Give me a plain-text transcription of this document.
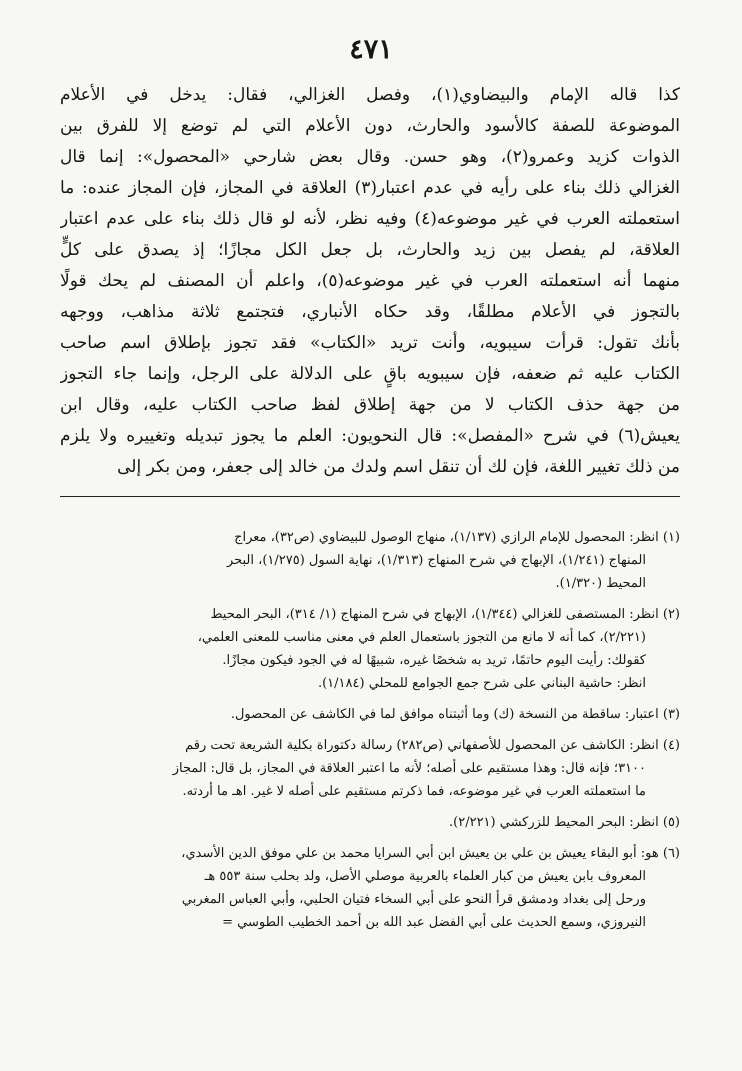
٤٧١
كذا قاله الإمام والبيضاوي(١)، وفصل الغزالي، فقال: يدخل في الأعلام
الموضوعة للصفة كالأسود والحارث، دون الأعلام التي لم توضع إلا للفرق بين
الذوات كزيد وعمرو(٢)، وهو حسن. وقال بعض شارحي «المحصول»: إنما قال
الغزالي ذلك بناء على رأيه في عدم اعتبار(٣) العلاقة في المجاز، فإن المجاز عنده: ما
استعملته العرب في غير موضوعه(٤) وفيه نظر، لأنه لو قال ذلك بناء على عدم اعتبار
العلاقة، لم يفصل بين زيد والحارث، بل جعل الكل مجازًا؛ إذ يصدق على كلٍّ
منهما أنه استعملته العرب في غير موضوعه(٥)، واعلم أن المصنف لم يحك قولًا
بالتجوز في الأعلام مطلقًا، وقد حكاه الأنباري، فتجتمع ثلاثة مذاهب، ووجهه
بأنك تقول: قرأت سيبويه، وأنت تريد «الكتاب» فقد تجوز بإطلاق اسم صاحب
الكتاب عليه ثم ضعفه، فإن سيبويه باقٍ على الدلالة على الرجل، وإنما جاء التجوز
من جهة حذف الكتاب لا من جهة إطلاق لفظ صاحب الكتاب عليه، وقال ابن
يعيش(٦) في شرح «المفصل»: قال النحويون: العلم ما يجوز تبديله وتغييره ولا يلزم
من ذلك تغيير اللغة، فإن لك أن تنقل اسم ولدك من خالد إلى جعفر، ومن بكر إلى
(١) انظر: المحصول للإمام الرازي (١/١٣٧)، منهاج الوصول للبيضاوي (ص٣٢)، معراج
المنهاج (١/٢٤١)، الإبهاج في شرح المنهاج (١/٣١٣)، نهاية السول (١/٢٧٥)، البحر
المحيط (١/٣٢٠).
(٢) انظر: المستصفى للغزالي (١/٣٤٤)، الإبهاج في شرح المنهاج (١/ ٣١٤)، البحر المحيط
(٢/٢٢١)، كما أنه لا مانع من التجوز باستعمال العلم في معنى مناسب للمعنى العلمي،
كقولك: رأيت اليوم حاتمًا، تريد به شخصًا غيره، شبيهًا له في الجود فيكون مجازًا.
انظر: حاشية البناني على شرح جمع الجوامع للمحلي (١/١٨٤).
(٣) اعتبار: ساقطة من النسخة (ك) وما أثبتناه موافق لما في الكاشف عن المحصول.
(٤) انظر: الكاشف عن المحصول للأصفهاني (ص٢٨٢) رسالة دكتوراة بكلية الشريعة تحت رقم
٣١٠٠؛ فإنه قال: وهذا مستقيم على أصله؛ لأنه ما اعتبر العلاقة في المجاز، بل قال: المجاز
ما استعملته العرب في غير موضوعه، فما ذكرتم مستقيم على أصله لا غير. اهـ ما أردته.
(٥) انظر: البحر المحيط للزركشي (٢/٢٢١).
(٦) هو: أبو البقاء يعيش بن علي بن يعيش ابن أبي السرايا محمد بن علي موفق الدين الأسدي،
المعروف بابن يعيش من كبار العلماء بالعربية موصلي الأصل، ولد بحلب سنة ٥٥٣ هـ
ورحل إلى بغداد ودمشق قرأ النحو على أبي السخاء فتيان الحلبي، وأبي العباس المغربي
النيروزي، وسمع الحديث على أبي الفضل عبد الله بن أحمد الخطيب الطوسي =
